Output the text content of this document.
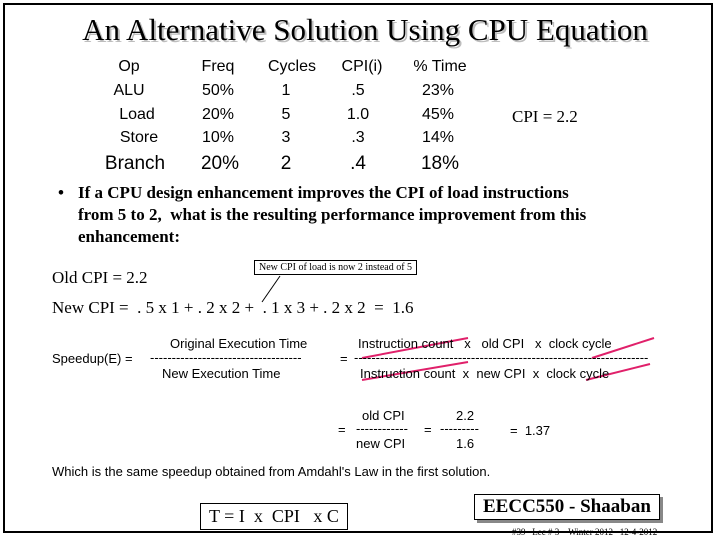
An Alternative Solution Using CPU Equation
Op	Freq	Cycles	CPI(i)	% Time
ALU	50%	1	.5	23%
Load	20%	5	1.0	45%
Store	10%	3	.3	14%
Branch 20%	2	.4	18%
CPI = 2.2
• If a CPU design enhancement improves the CPI of load instructions
from 5 to 2,  what is the resulting performance improvement from this
enhancement:
New CPI of load is now 2 instead of 5
Old CPI = 2.2
New CPI =  . 5 x 1 + . 2 x 2 +  . 1 x 3 + . 2 x 2  =  1.6
Original Execution Time
Speedup(E) = -----------------------------------
New Execution Time
Instruction count   x   old CPI   x  clock cycle
= --------------------------------------------------------------------
Instruction count  x  new CPI  x  clock cycle
old CPI
= ------------ =
new CPI
2.2
---------
1.6
=  1.37
Which is the same speedup obtained from Amdahl's Law in the first solution.
T = I  x  CPI   x C	EECC550 - Shaaban
#39   Lec # 3    Winter 2012   12-4-2012
